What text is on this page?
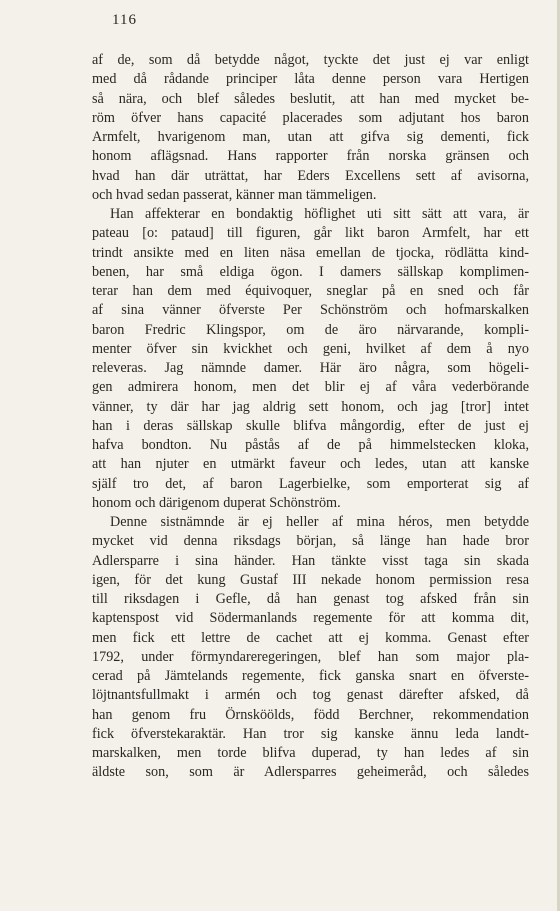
116
af de, som då betydde något, tyckte det just ej var enligt
med då rådande principer låta denne person vara Hertigen
så nära, och blef således beslutit, att han med mycket be-
röm öfver hans capacité placerades som adjutant hos baron
Armfelt, hvarigenom man, utan att gifva sig dementi, fick
honom aflägsnad. Hans rapporter från norska gränsen och
hvad han där uträttat, har Eders Excellens sett af avisorna,
och hvad sedan passerat, känner man tämmeligen.
Han affekterar en bondaktig höflighet uti sitt sätt att vara, är
pateau [o: pataud] till figuren, går likt baron Armfelt, har ett
trindt ansikte med en liten näsa emellan de tjocka, rödlätta kind-
benen, har små eldiga ögon. I damers sällskap komplimen-
terar han dem med équivoquer, sneglar på en sned och får
af sina vänner öfverste Per Schönström och hofmarskalken
baron Fredric Klingspor, om de äro närvarande, kompli-
menter öfver sin kvickhet och geni, hvilket af dem å nyo
releveras. Jag nämnde damer. Här äro några, som högeli-
gen admirera honom, men det blir ej af våra vederbörande
vänner, ty där har jag aldrig sett honom, och jag [tror] intet
han i deras sällskap skulle blifva mångordig, efter de just ej
hafva bondton. Nu påstås af de på himmelstecken kloka,
att han njuter en utmärkt faveur och ledes, utan att kanske
själf tro det, af baron Lagerbielke, som emporterat sig af
honom och därigenom duperat Schönström.
Denne sistnämnde är ej heller af mina héros, men betydde
mycket vid denna riksdags början, så länge han hade bror
Adlersparre i sina händer. Han tänkte visst taga sin skada
igen, för det kung Gustaf III nekade honom permission resa
till riksdagen i Gefle, då han genast tog afsked från sin
kaptenspost vid Södermanlands regemente för att komma dit,
men fick ett lettre de cachet att ej komma. Genast efter
1792, under förmyndareregeringen, blef han som major pla-
cerad på Jämtelands regemente, fick ganska snart en öfverste-
löjtnantsfullmakt i armén och tog genast därefter afsked, då
han genom fru Örnsköölds, född Berchner, rekommendation
fick öfverstekaraktär. Han tror sig kanske ännu leda landt-
marskalken, men torde blifva duperad, ty han ledes af sin
äldste son, som är Adlersparres geheimeråd, och således
